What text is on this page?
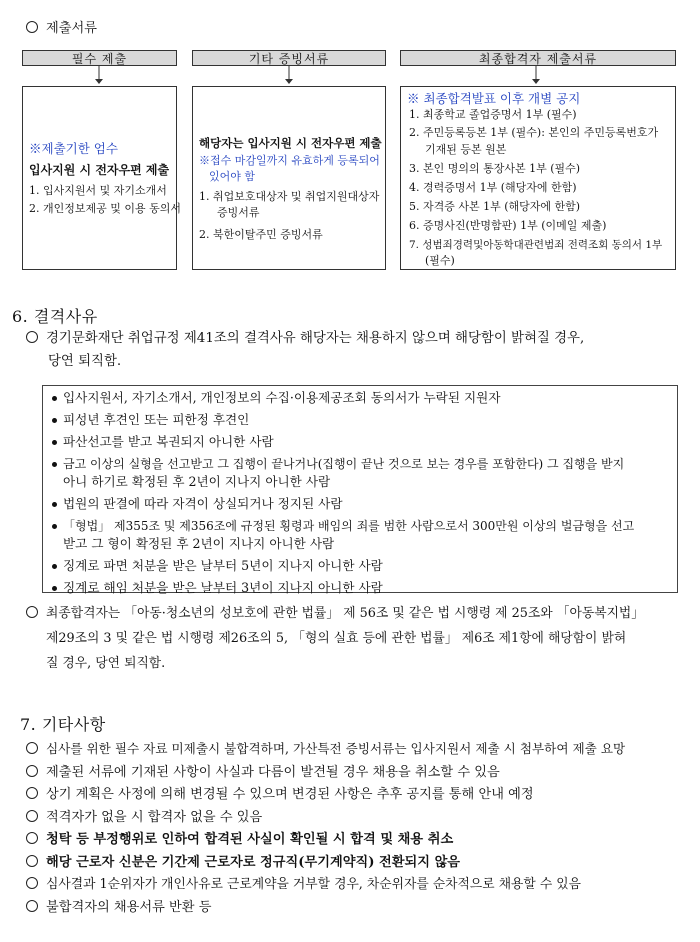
제출서류
필수 제출	기타 증빙서류	최종합격자 제출서류
※제출기한 엄수
입사지원 시 전자우편 제출
1. 입사지원서 및 자기소개서
2. 개인정보제공 및 이용 동의서
해당자는 입사지원 시 전자우편 제출
※접수 마감일까지 유효하게 등록되어
있어야 함
1. 취업보호대상자 및 취업지원대상자
증빙서류
2. 북한이탈주민 증빙서류
※ 최종합격발표 이후 개별 공지
1. 최종학교 졸업증명서 1부 (필수)
2. 주민등록등본 1부 (필수): 본인의 주민등록번호가
기재된 등본 원본
3. 본인 명의의 통장사본 1부 (필수)
4. 경력증명서 1부 (해당자에 한함)
5. 자격증 사본 1부 (해당자에 한함)
6. 증명사진(반명함판) 1부 (이메일 제출)
7. 성범죄경력및아동학대관련범죄 전력조회 동의서 1부
(필수)
6. 결격사유
경기문화재단 취업규정 제41조의 결격사유 해당자는 채용하지 않으며 해당함이 밝혀질 경우,
당연 퇴직함.
입사지원서, 자기소개서, 개인정보의 수집·이용제공조회 동의서가 누락된 지원자
피성년 후견인 또는 피한정 후견인
파산선고를 받고 복권되지 아니한 사람
금고 이상의 실형을 선고받고 그 집행이 끝나거나(집행이 끝난 것으로 보는 경우를 포함한다) 그 집행을 받지
아니 하기로 확정된 후 2년이 지나지 아니한 사람
법원의 판결에 따라 자격이 상실되거나 정지된 사람
「형법」 제355조 및 제356조에 규정된 횡령과 배임의 죄를 범한 사람으로서 300만원 이상의 벌금형을 선고
받고 그 형이 확정된 후 2년이 지나지 아니한 사람
징계로 파면 처분을 받은 날부터 5년이 지나지 아니한 사람
징계로 해임 처분을 받은 날부터 3년이 지나지 아니한 사람
최종합격자는 「아동·청소년의 성보호에 관한 법률」 제 56조 및 같은 법 시행령 제 25조와 「아동복지법」
제29조의 3 및 같은 법 시행령 제26조의 5, 「형의 실효 등에 관한 법률」 제6조 제1항에 해당함이 밝혀
질 경우, 당연 퇴직함.
7. 기타사항
심사를 위한 필수 자료 미제출시 불합격하며, 가산특전 증빙서류는 입사지원서 제출 시 첨부하여 제출 요망
제출된 서류에 기재된 사항이 사실과 다름이 발견될 경우 채용을 취소할 수 있음
상기 계획은 사정에 의해 변경될 수 있으며 변경된 사항은 추후 공지를 통해 안내 예정
적격자가 없을 시 합격자 없을 수 있음
청탁 등 부정행위로 인하여 합격된 사실이 확인될 시 합격 및 채용 취소
해당 근로자 신분은 기간제 근로자로 정규직(무기계약직) 전환되지 않음
심사결과 1순위자가 개인사유로 근로계약을 거부할 경우, 차순위자를 순차적으로 채용할 수 있음
불합격자의 채용서류 반환 등
